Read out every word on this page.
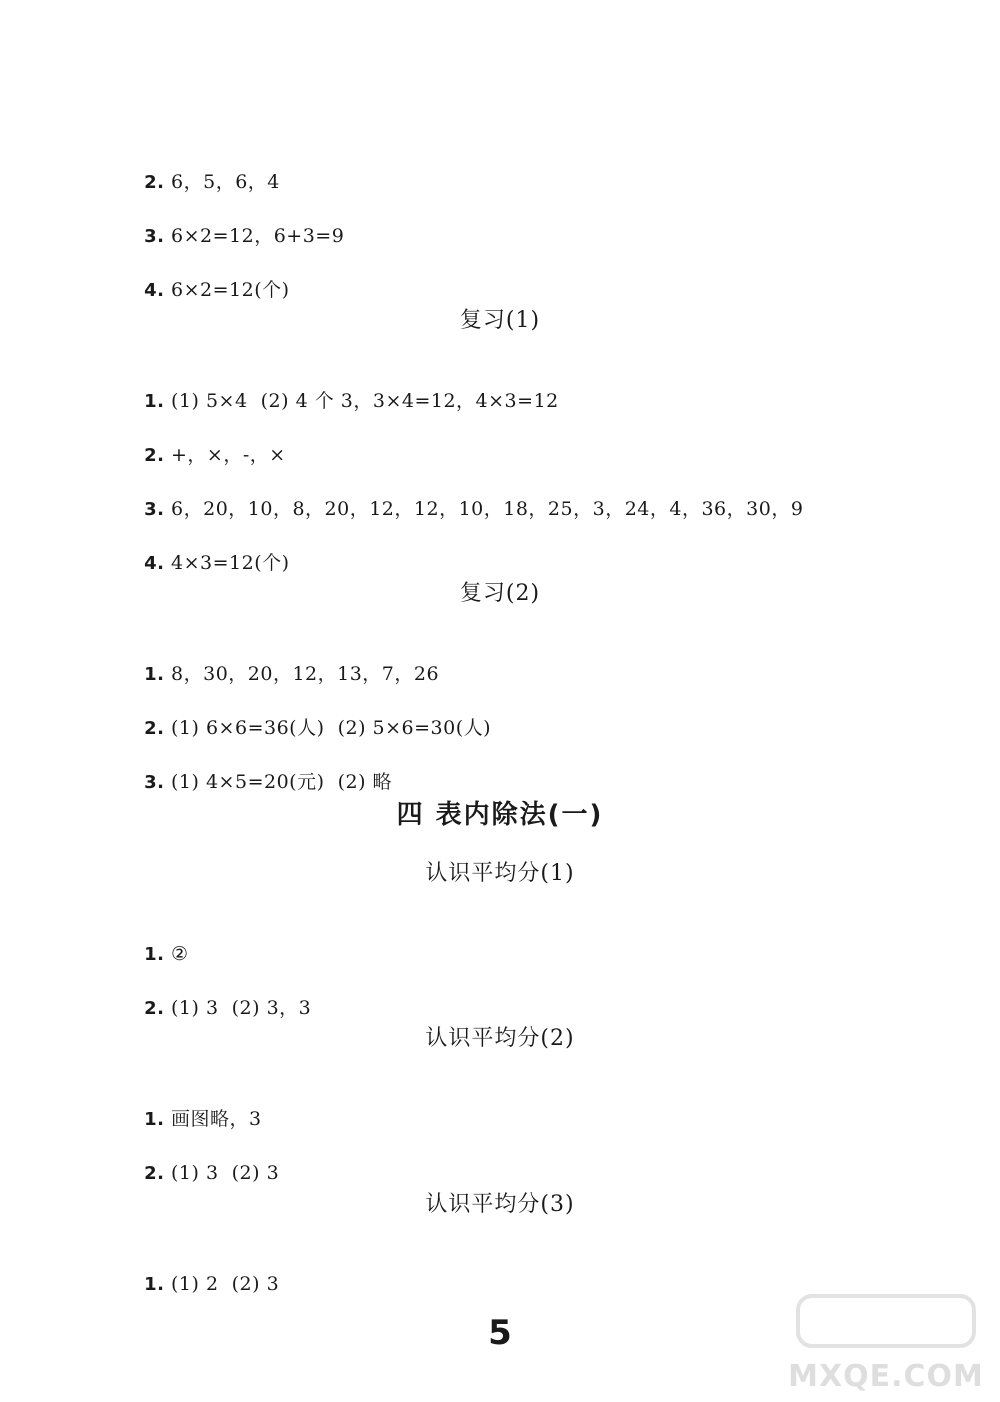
2. 6，5，6，4

3. 6×2=12，6+3=9

4. 6×2=12(个)

复习(1)

1. (1) 5×4  (2) 4 个 3，3×4=12，4×3=12

2. +，×，-，×

3. 6，20，10，8，20，12，12，10，18，25，3，24，4，36，30，9

4. 4×3=12(个)

复习(2)

1. 8，30，20，12，13，7，26

2. (1) 6×6=36(人)  (2) 5×6=30(人)

3. (1) 4×5=20(元)  (2) 略

四 表内除法(一)
认识平均分(1)

1. ②

2. (1) 3  (2) 3，3

认识平均分(2)

1. 画图略，3

2. (1) 3  (2) 3

认识平均分(3)

1. (1) 2  (2) 3

5
MXQE.COM
